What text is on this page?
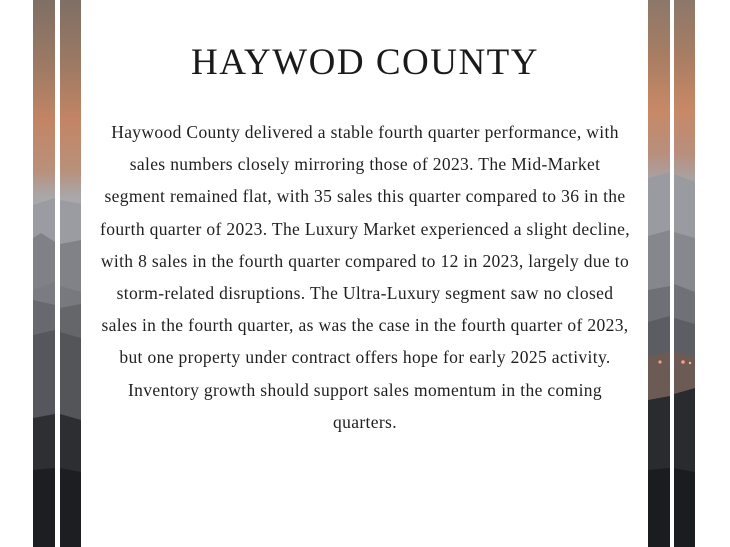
HAYWOD COUNTY

Haywood County delivered a stable fourth quarter performance, with sales numbers closely mirroring those of 2023. The Mid-Market segment remained flat, with 35 sales this quarter compared to 36 in the fourth quarter of 2023. The Luxury Market experienced a slight decline, with 8 sales in the fourth quarter compared to 12 in 2023, largely due to storm-related disruptions. The Ultra-Luxury segment saw no closed sales in the fourth quarter, as was the case in the fourth quarter of 2023, but one property under contract offers hope for early 2025 activity. Inventory growth should support sales momentum in the coming quarters.
